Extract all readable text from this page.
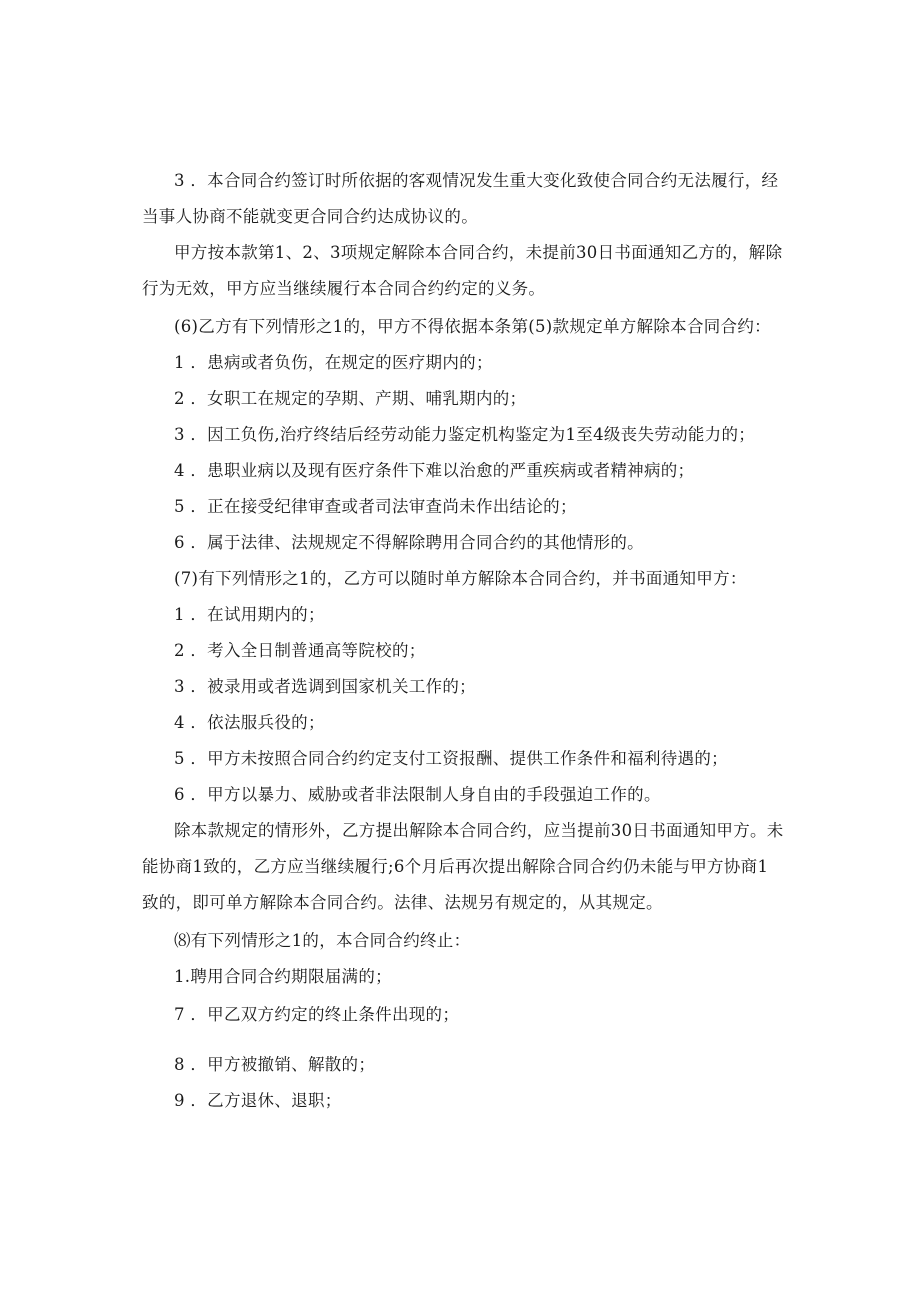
3 ．本合同合约签订时所依据的客观情况发生重大变化致使合同合约无法履行，经
当事人协商不能就变更合同合约达成协议的。
甲方按本款第1、2、3项规定解除本合同合约，未提前30日书面通知乙方的，解除
行为无效，甲方应当继续履行本合同合约约定的义务。
(6)乙方有下列情形之1的，甲方不得依据本条第(5)款规定单方解除本合同合约：
1 ．患病或者负伤，在规定的医疗期内的；
2 ．女职工在规定的孕期、产期、哺乳期内的；
3 ．因工负伤,治疗终结后经劳动能力鉴定机构鉴定为1至4级丧失劳动能力的；
4 ．患职业病以及现有医疗条件下难以治愈的严重疾病或者精神病的；
5 ．正在接受纪律审查或者司法审查尚未作出结论的；
6 ．属于法律、法规规定不得解除聘用合同合约的其他情形的。
(7)有下列情形之1的，乙方可以随时单方解除本合同合约，并书面通知甲方：
1 ．在试用期内的；
2 ．考入全日制普通高等院校的；
3 ．被录用或者选调到国家机关工作的；
4 ．依法服兵役的；
5 ．甲方未按照合同合约约定支付工资报酬、提供工作条件和福利待遇的；
6 ．甲方以暴力、威胁或者非法限制人身自由的手段强迫工作的。
除本款规定的情形外，乙方提出解除本合同合约，应当提前30日书面通知甲方。未
能协商1致的，乙方应当继续履行;6个月后再次提出解除合同合约仍未能与甲方协商1
致的，即可单方解除本合同合约。法律、法规另有规定的，从其规定。
⑻有下列情形之1的，本合同合约终止：
1.聘用合同合约期限届满的；
7 ．甲乙双方约定的终止条件出现的；
8 ．甲方被撤销、解散的；
9 ．乙方退休、退职；
